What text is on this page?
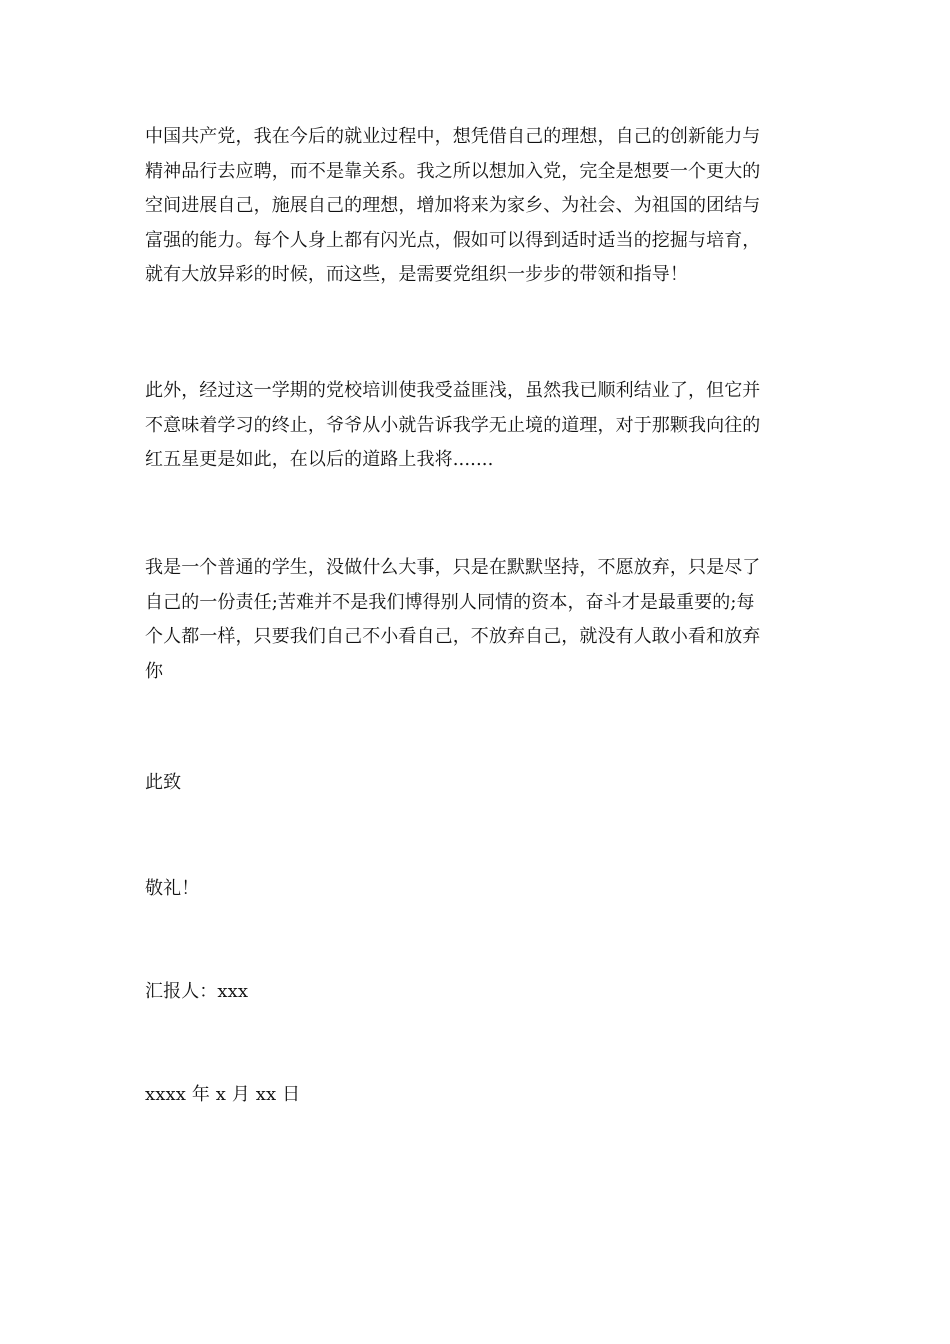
中国共产党，我在今后的就业过程中，想凭借自己的理想，自己的创新能力与
精神品行去应聘，而不是靠关系。我之所以想加入党，完全是想要一个更大的
空间进展自己，施展自己的理想，增加将来为家乡、为社会、为祖国的团结与
富强的能力。每个人身上都有闪光点，假如可以得到适时适当的挖掘与培育，
就有大放异彩的时候，而这些，是需要党组织一步步的带领和指导！

此外，经过这一学期的党校培训使我受益匪浅，虽然我已顺利结业了，但它并
不意味着学习的终止，爷爷从小就告诉我学无止境的道理，对于那颗我向往的
红五星更是如此，在以后的道路上我将.......

我是一个普通的学生，没做什么大事，只是在默默坚持，不愿放弃，只是尽了
自己的一份责任;苦难并不是我们博得别人同情的资本，奋斗才是最重要的;每
个人都一样，只要我们自己不小看自己，不放弃自己，就没有人敢小看和放弃
你

此致

敬礼！

汇报人：xxx

xxxx 年 x 月 xx 日
